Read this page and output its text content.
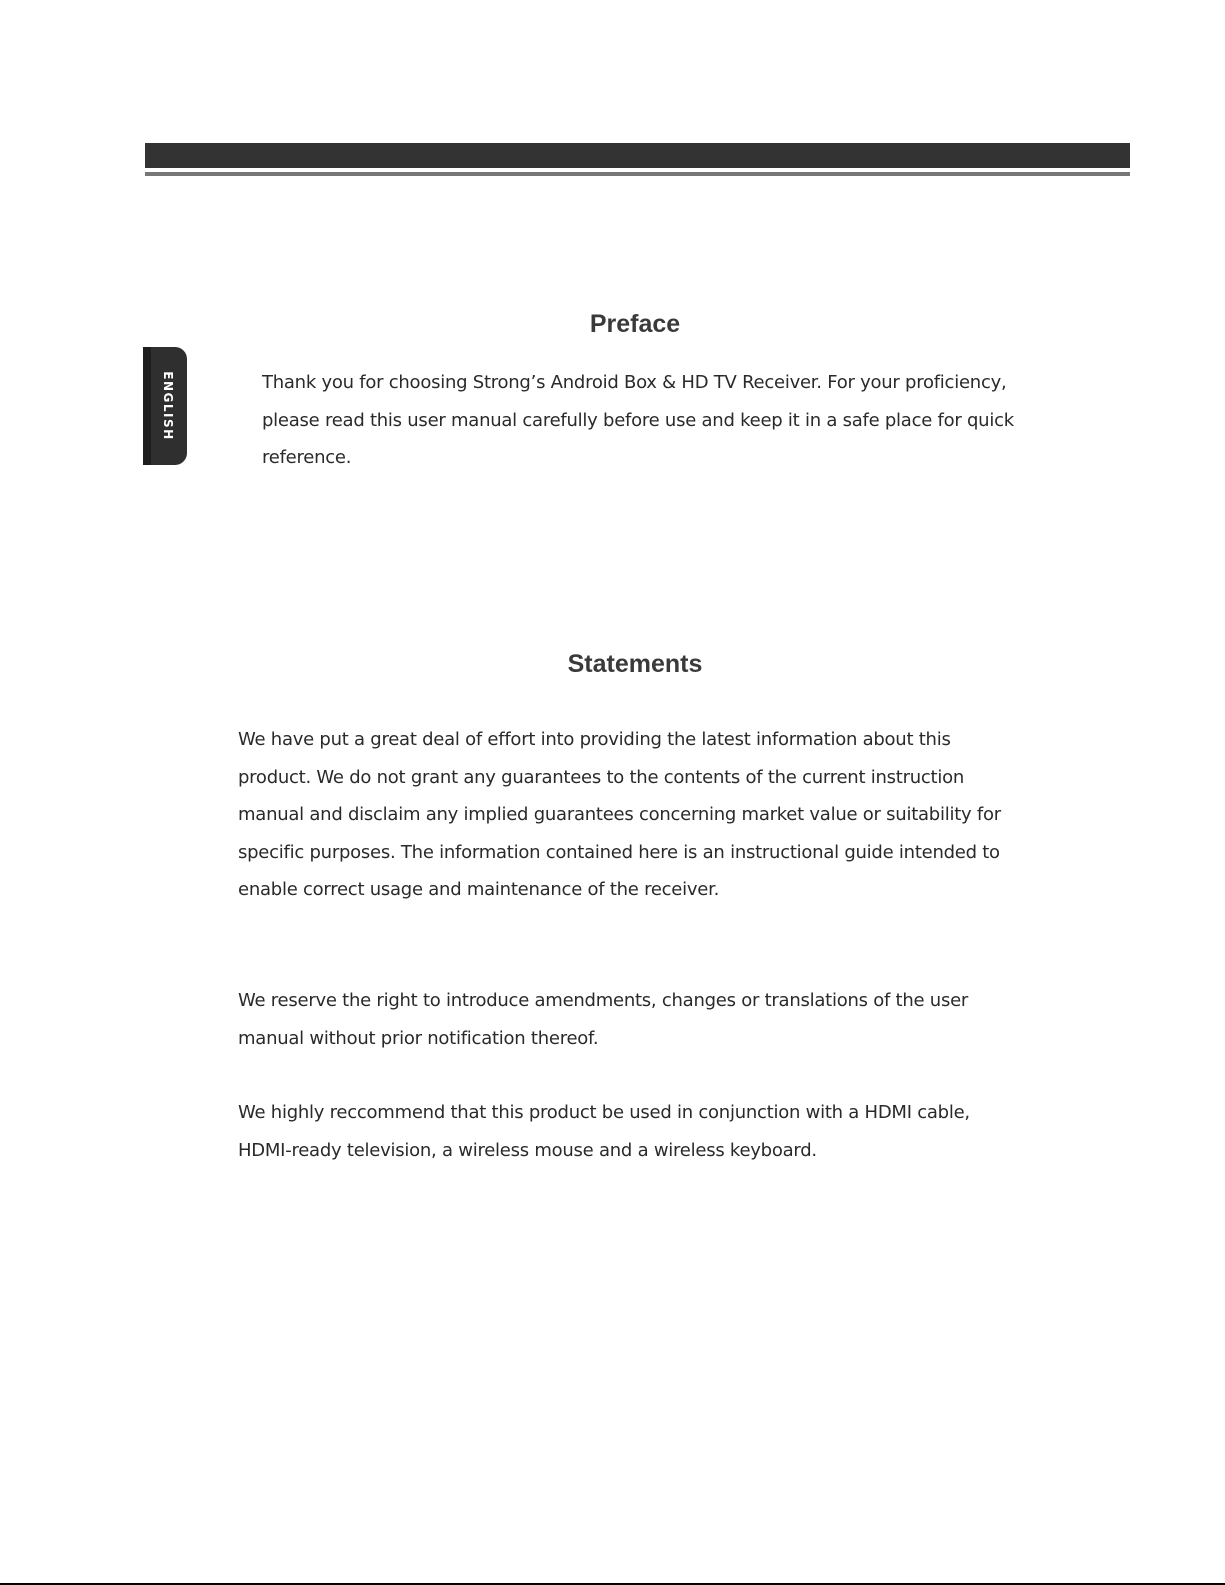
ENGLISH
Preface

Thank you for choosing Strong’s Android Box & HD TV Receiver. For your proficiency, please read this user manual carefully before use and keep it in a safe place for quick reference.

Statements

We have put a great deal of effort into providing the latest information about this product. We do not grant any guarantees to the contents of the current instruction manual and disclaim any implied guarantees concerning market value or suitability for specific purposes. The information contained here is an instructional guide intended to enable correct usage and maintenance of the receiver.

We reserve the right to introduce amendments, changes or translations of the user manual without prior notification thereof.

We highly reccommend that this product be used in conjunction with a HDMI cable, HDMI-ready television, a wireless mouse and a wireless keyboard.
